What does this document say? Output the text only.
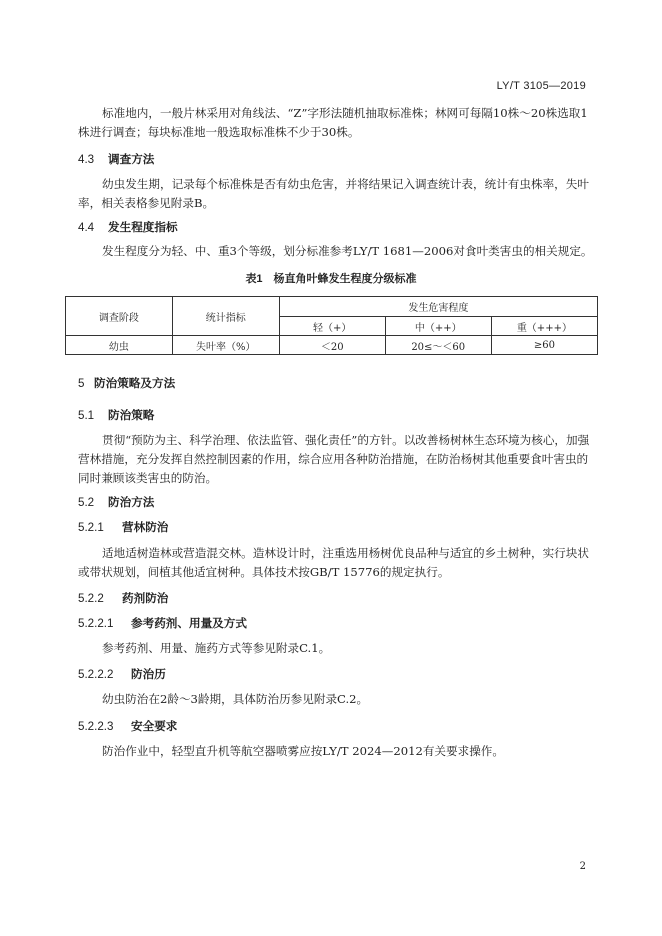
LY/T 3105—2019
标准地内，一般片林采用对角线法、“Z”字形法随机抽取标准株；林网可每隔10株～20株选取1株进行调查；每块标准地一般选取标准株不少于30株。
4.3 调查方法
幼虫发生期，记录每个标准株是否有幼虫危害，并将结果记入调查统计表，统计有虫株率，失叶率，相关表格参见附录B。
4.4 发生程度指标
发生程度分为轻、中、重3个等级，划分标准参考LY/T 1681—2006对食叶类害虫的相关规定。
表1　杨直角叶蜂发生程度分级标准
调查阶段	统计指标	发生危害程度		
		轻（+）	中（++）	重（+++）
幼虫	失叶率（%）	＜20	20≤～＜60	≥60
5 防治策略及方法
5.1 防治策略
贯彻“预防为主、科学治理、依法监管、强化责任”的方针。以改善杨树林生态环境为核心，加强营林措施，充分发挥自然控制因素的作用，综合应用各种防治措施，在防治杨树其他重要食叶害虫的同时兼顾该类害虫的防治。
5.2 防治方法
5.2.1 营林防治
适地适树造林或营造混交林。造林设计时，注重选用杨树优良品种与适宜的乡土树种，实行块状或带状规划，间植其他适宜树种。具体技术按GB/T 15776的规定执行。
5.2.2 药剂防治
5.2.2.1 参考药剂、用量及方式
参考药剂、用量、施药方式等参见附录C.1。
5.2.2.2 防治历
幼虫防治在2龄～3龄期，具体防治历参见附录C.2。
5.2.2.3 安全要求
防治作业中，轻型直升机等航空器喷雾应按LY/T 2024—2012有关要求操作。
2
